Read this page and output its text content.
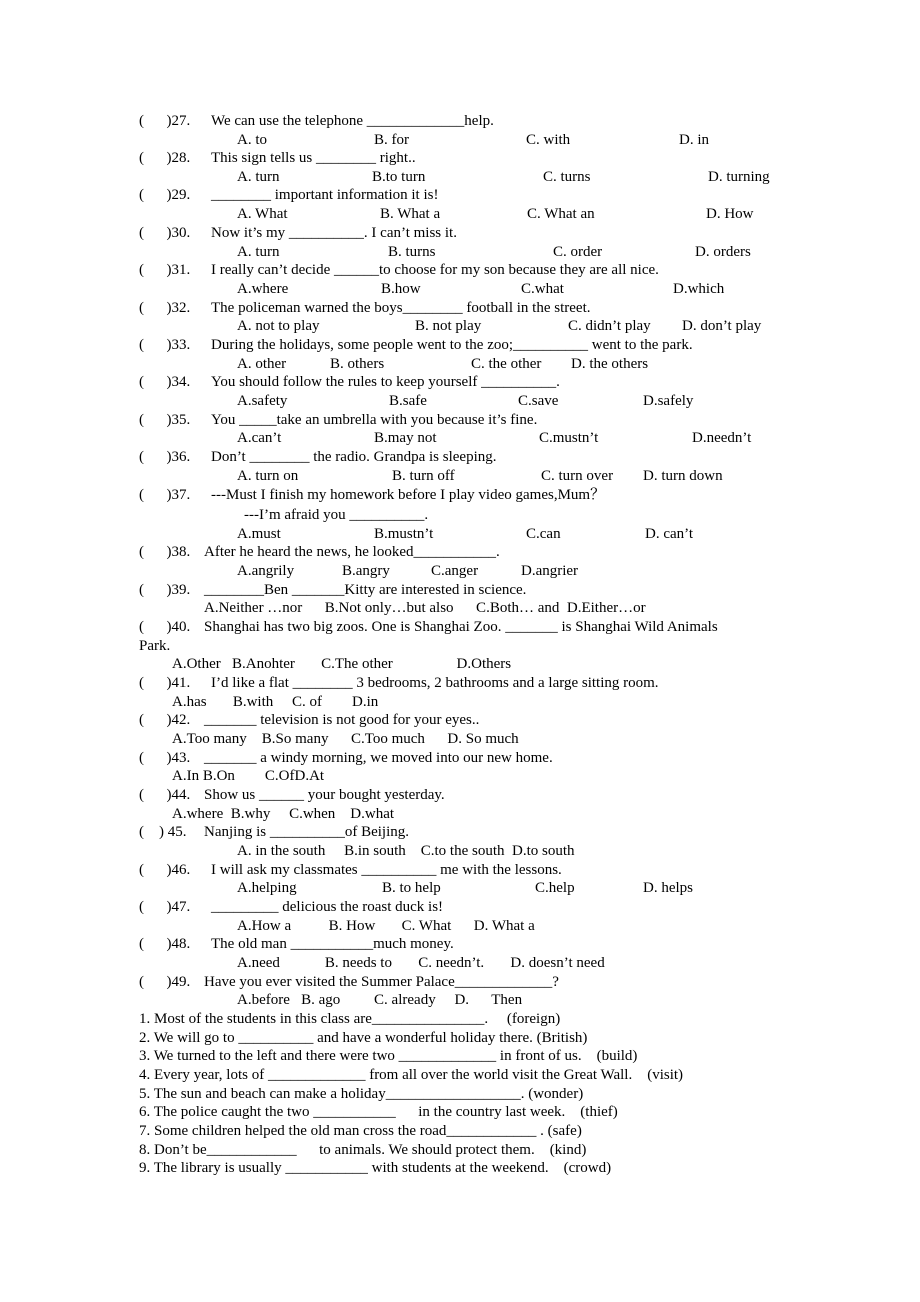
(      )27. We can use the telephone _____________help.
A. to	B. for	C. with	D. in
(      )28. This sign tells us ________ right..
A. turn	B.to turn	C. turns	D. turning
(      )29. ________ important information it is!
A. What	B. What a	C. What an	D. How
(      )30. Now it’s my __________. I can’t miss it.
A. turn	B. turns	C. order	D. orders
(      )31. I really can’t decide ______to choose for my son because they are all nice.
A.where	B.how	C.what	D.which
(      )32. The policeman warned the boys________ football in the street.
A. not to play	B. not play	C. didn’t play D. don’t play
(      )33. During the holidays, some people went to the zoo;__________ went to the park.
A. other	B. others	C. the other D. the others
(      )34. You should follow the rules to keep yourself __________.
A.safety	B.safe	C.save	D.safely
(      )35. You _____take an umbrella with you because it’s fine.
A.can’t	B.may not	C.mustn’t	D.needn’t
(      )36. Don’t ________ the radio. Grandpa is sleeping.
A. turn on	B. turn off	C. turn over D. turn down
(      )37. ---Must I finish my homework before I play video games,Mum？
---I’m afraid you __________.
A.must	B.mustn’t	C.can	D. can’t
(      )38. After he heard the news, he looked___________.
A.angrily	B.angry	C.anger	D.angrier
(      )39. ________Ben _______Kitty are interested in science.
A.Neither …nor      B.Not only…but also      C.Both… and  D.Either…or
(      )40. Shanghai has two big zoos. One is Shanghai Zoo. _______ is Shanghai Wild Animals
Park.
A.Other   B.Anohter       C.The other                 D.Others
(      )41. I’d like a flat ________ 3 bedrooms, 2 bathrooms and a large sitting room.
A.has       B.with     C. of        D.in
(      )42. _______ television is not good for your eyes..
A.Too many    B.So many      C.Too much      D. So much
(      )43. _______ a windy morning, we moved into our new home.
A.In B.On        C.OfD.At
(      )44. Show us ______ your bought yesterday.
A.where  B.why     C.when    D.what
(    ) 45. Nanjing is __________of Beijing.
A. in the south     B.in south    C.to the south  D.to south
(      )46. I will ask my classmates __________ me with the lessons.
A.helping	B. to help	C.help	D. helps
(      )47. _________ delicious the roast duck is!
A.How a          B. How       C. What      D. What a
(      )48. The old man ___________much money.
A.need            B. needs to       C. needn’t.       D. doesn’t need
(      )49. Have you ever visited the Summer Palace_____________?
A.before   B. ago         C. already     D.      Then
1. Most of the students in this class are_______________.     (foreign)
2. We will go to __________ and have a wonderful holiday there. (British)
3. We turned to the left and there were two _____________ in front of us.    (build)
4. Every year, lots of _____________ from all over the world visit the Great Wall.    (visit)
5. The sun and beach can make a holiday__________________. (wonder)
6. The police caught the two ___________      in the country last week.    (thief)
7. Some children helped the old man cross the road____________ . (safe)
8. Don’t be____________      to animals. We should protect them.    (kind)
9. The library is usually ___________ with students at the weekend.    (crowd)
